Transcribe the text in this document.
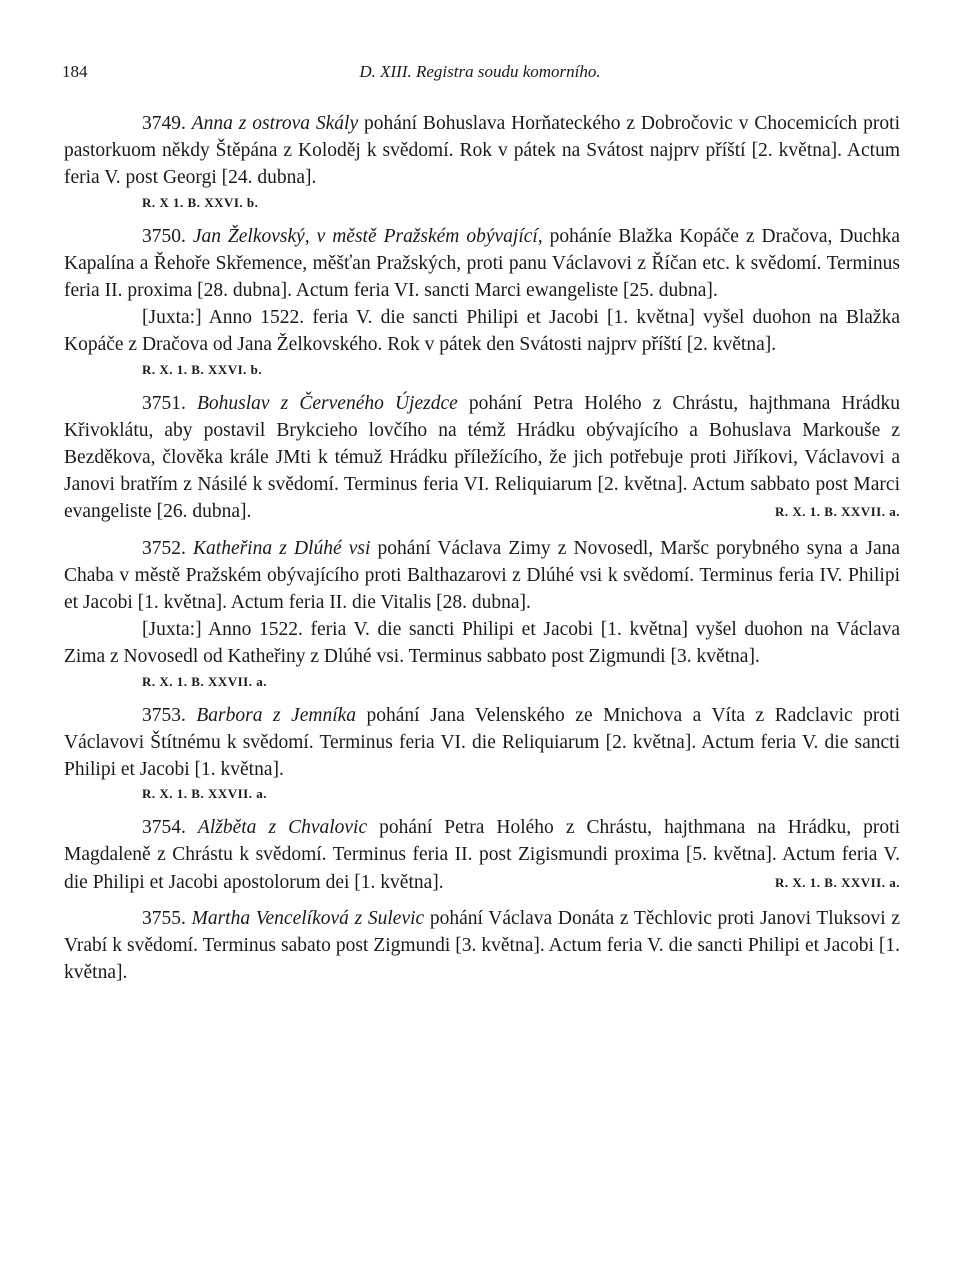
184	D. XIII. Registra soudu komorního.

3749. Anna z ostrova Skály pohání Bohuslava Horňateckého z Dobročovic v Chocemicích proti pastorkuom někdy Štěpána z Koloděj k svědomí. Rok v pátek na Svátost najprv příští [2. května]. Actum feria V. post Georgi [24. dubna].

R. X 1. B. XXVI. b.

3750. Jan Želkovský, v městě Pražském obývající, poháníe Blažka Kopáče z Dračova, Duchka Kapalína a Řehoře Skřemence, měšťan Pražských, proti panu Václavovi z Říčan etc. k svědomí. Terminus feria II. proxima [28. dubna]. Actum feria VI. sancti Marci ewangeliste [25. dubna].

[Juxta:] Anno 1522. feria V. die sancti Philipi et Jacobi [1. května] vyšel duohon na Blažka Kopáče z Dračova od Jana Želkovského. Rok v pátek den Svátosti najprv příští [2. května].

R. X. 1. B. XXVI. b.

3751. Bohuslav z Červeného Újezdce pohání Petra Holého z Chrástu, hajthmana Hrádku Křivoklátu, aby postavil Brykcieho lovčího na témž Hrádku obývajícího a Bohuslava Markouše z Bezděkova, člověka krále JMti k témuž Hrádku příležícího, že jich potřebuje proti Jiříkovi, Václavovi a Janovi bratřím z Násilé k svědomí. Terminus feria VI. Reliquiarum [2. května]. Actum sabbato post Marci evangeliste [26. dubna].	R. X. 1. B. XXVII. a.

3752. Katheřina z Dlúhé vsi pohání Václava Zimy z Novosedl, Maršc porybného syna a Jana Chaba v městě Pražském obývajícího proti Balthazarovi z Dlúhé vsi k svědomí. Terminus feria IV. Philipi et Jacobi [1. května]. Actum feria II. die Vitalis [28. dubna].

[Juxta:] Anno 1522. feria V. die sancti Philipi et Jacobi [1. května] vyšel duohon na Václava Zima z Novosedl od Katheřiny z Dlúhé vsi. Terminus sabbato post Zigmundi [3. května].

R. X. 1. B. XXVII. a.

3753. Barbora z Jemníka pohání Jana Velenského ze Mnichova a Víta z Radclavic proti Václavovi Štítnému k svědomí. Terminus feria VI. die Reliquiarum [2. května]. Actum feria V. die sancti Philipi et Jacobi [1. května].

R. X. 1. B. XXVII. a.

3754. Alžběta z Chvalovic pohání Petra Holého z Chrástu, hajthmana na Hrádku, proti Magdaleně z Chrástu k svědomí. Terminus feria II. post Zigismundi proxima [5. května]. Actum feria V. die Philipi et Jacobi apostolorum dei [1. května].	R. X. 1. B. XXVII. a.

3755. Martha Vencelíková z Sulevic pohání Václava Donáta z Těchlovic proti Janovi Tluksovi z Vrabí k svědomí. Terminus sabato post Zigmundi [3. května]. Actum feria V. die sancti Philipi et Jacobi [1. května].
